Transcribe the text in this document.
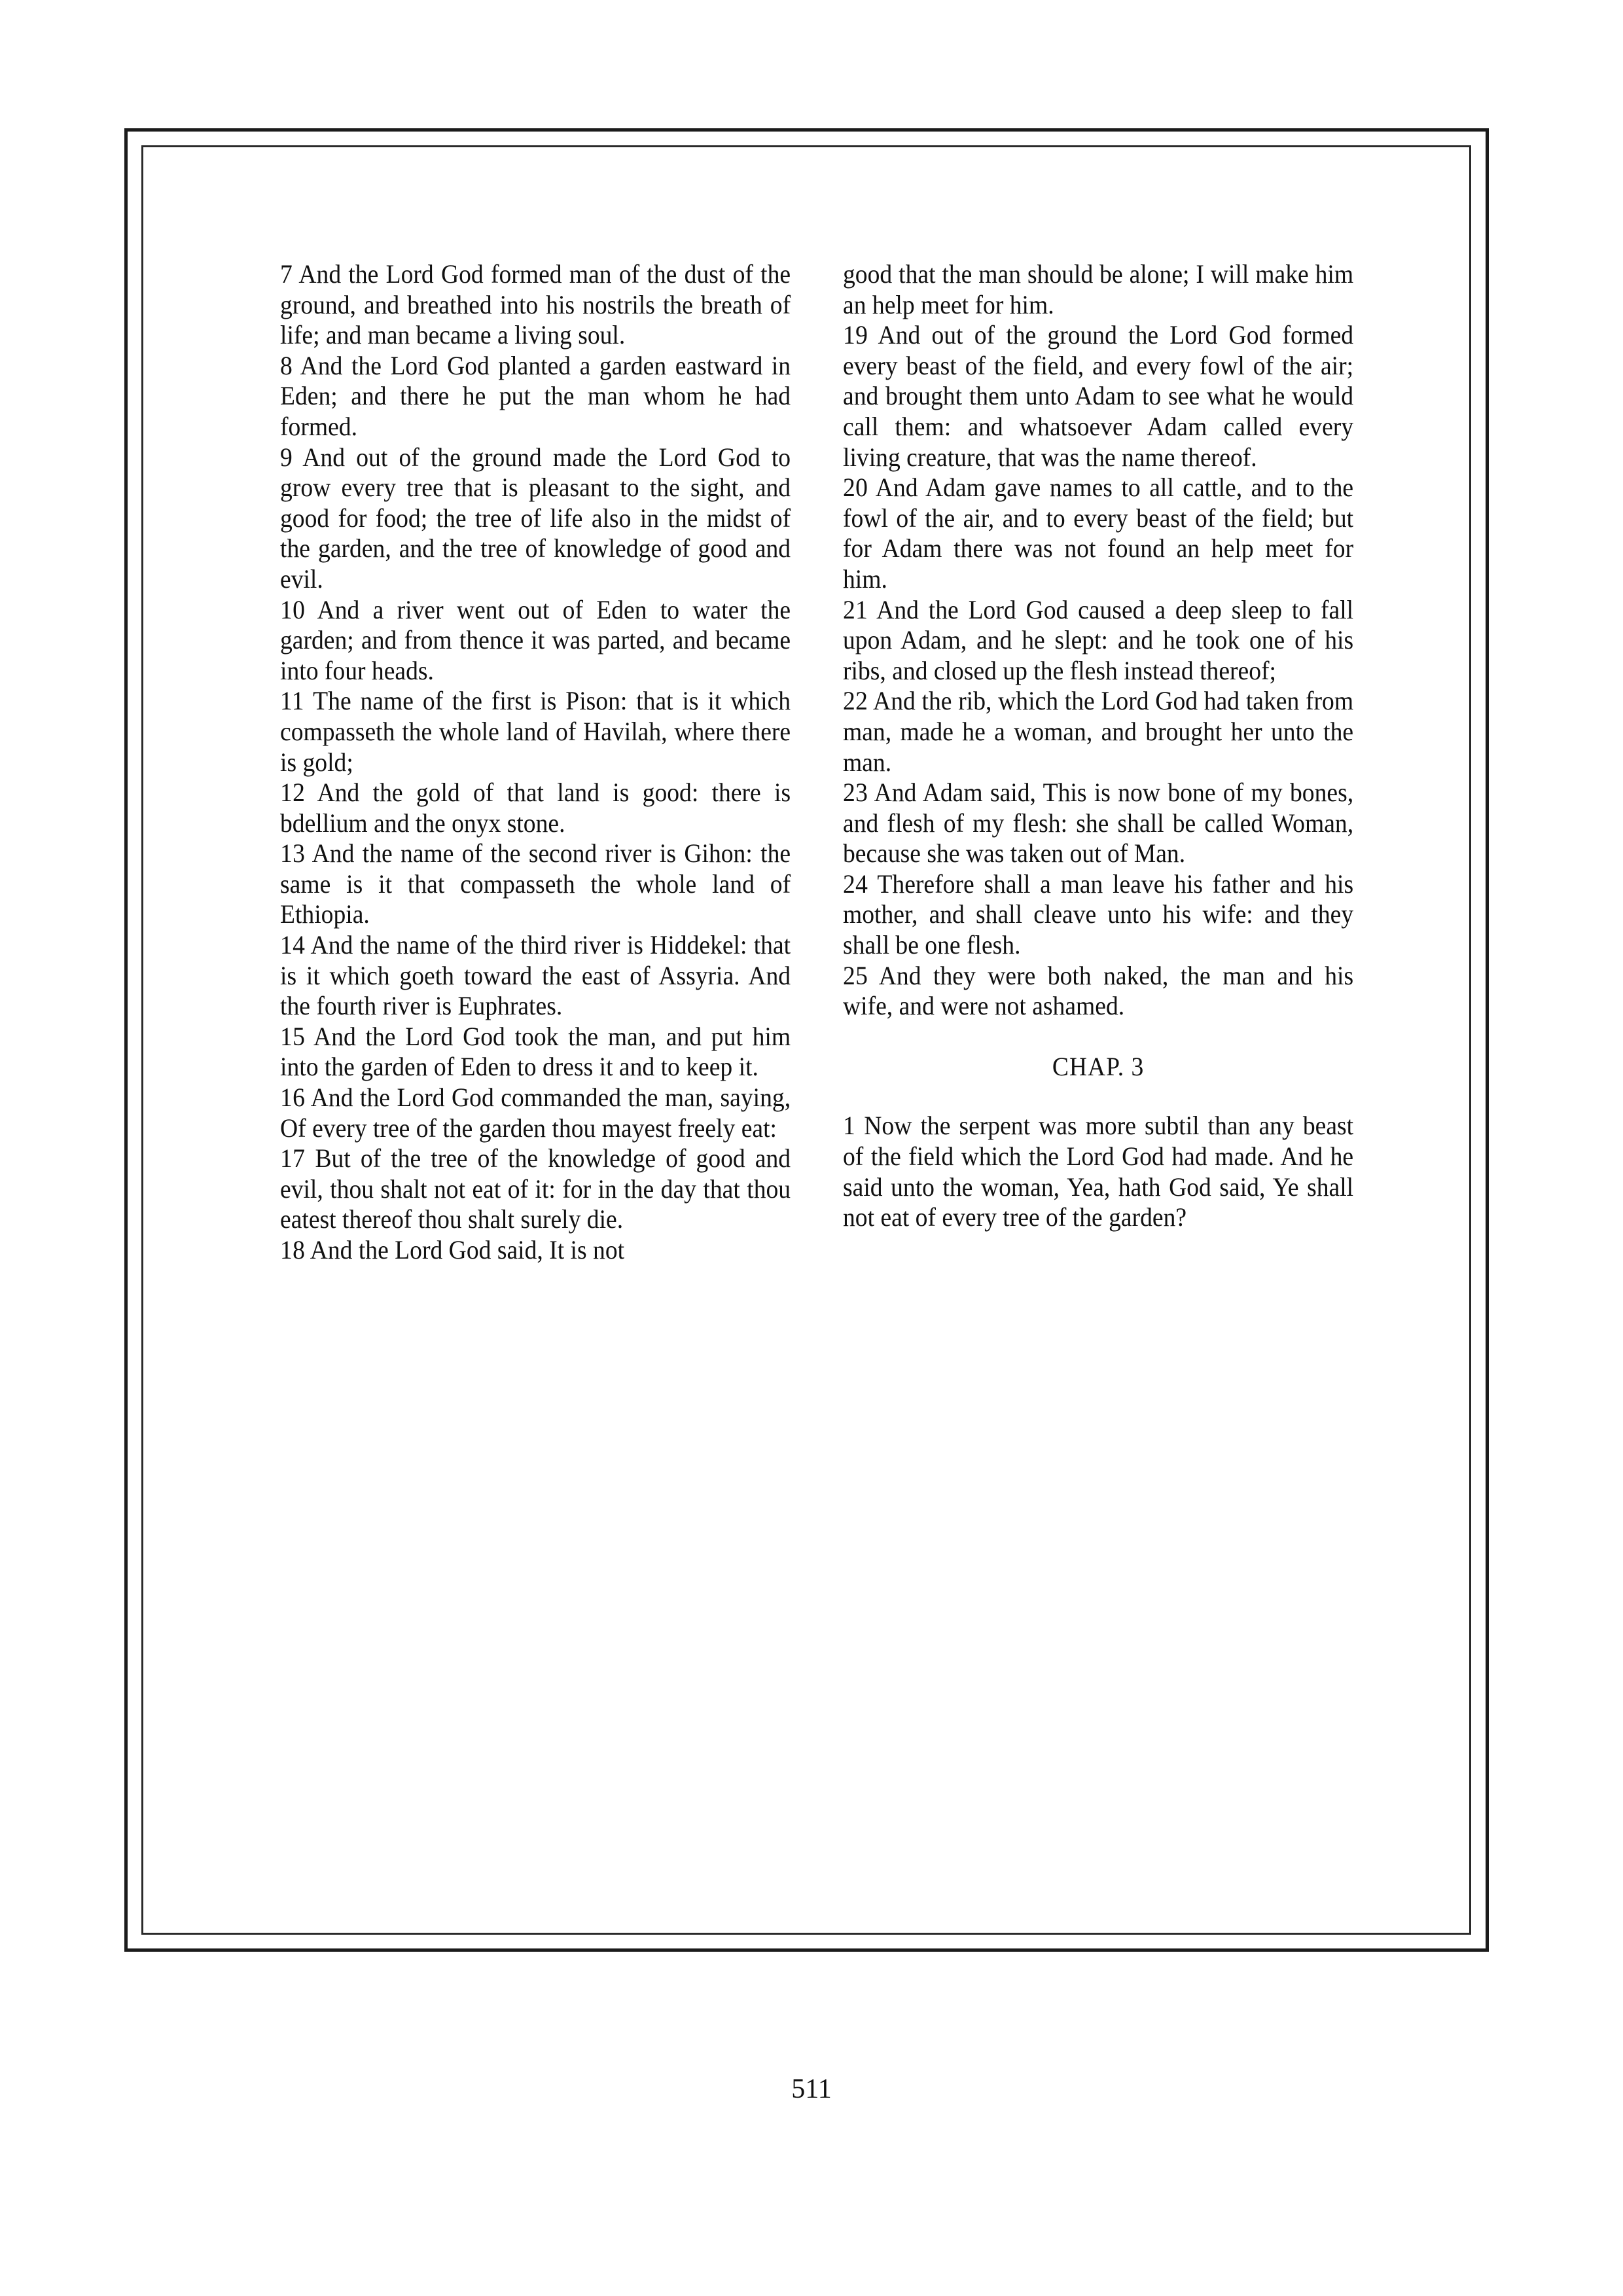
7 And the Lord God formed man of the dust of the ground, and breathed into his nostrils the breath of life; and man became a living soul.

8 And the Lord God planted a garden eastward in Eden; and there he put the man whom he had formed.

9 And out of the ground made the Lord God to grow every tree that is pleasant to the sight, and good for food; the tree of life also in the midst of the garden, and the tree of knowledge of good and evil.

10 And a river went out of Eden to water the garden; and from thence it was parted, and became into four heads.

11 The name of the first is Pison: that is it which compasseth the whole land of Havilah, where there is gold;

12 And the gold of that land is good: there is bdellium and the onyx stone.

13 And the name of the second river is Gihon: the same is it that compasseth the whole land of Ethiopia.

14 And the name of the third river is Hiddekel: that is it which goeth toward the east of Assyria. And the fourth river is Euphrates.

15 And the Lord God took the man, and put him into the garden of Eden to dress it and to keep it.

16 And the Lord God commanded the man, saying, Of every tree of the garden thou mayest freely eat:

17 But of the tree of the knowledge of good and evil, thou shalt not eat of it: for in the day that thou eatest thereof thou shalt surely die.

18 And the Lord God said, It is not

good that the man should be alone; I will make him an help meet for him.

19 And out of the ground the Lord God formed every beast of the field, and every fowl of the air; and brought them unto Adam to see what he would call them: and whatsoever Adam called every living creature, that was the name thereof.

20 And Adam gave names to all cattle, and to the fowl of the air, and to every beast of the field; but for Adam there was not found an help meet for him.

21 And the Lord God caused a deep sleep to fall upon Adam, and he slept: and he took one of his ribs, and closed up the flesh instead thereof;

22 And the rib, which the Lord God had taken from man, made he a woman, and brought her unto the man.

23 And Adam said, This is now bone of my bones, and flesh of my flesh: she shall be called Woman, because she was taken out of Man.

24 Therefore shall a man leave his father and his mother, and shall cleave unto his wife: and they shall be one flesh.

25 And they were both naked, the man and his wife, and were not ashamed.

CHAP. 3

1 Now the serpent was more subtil than any beast of the field which the Lord God had made. And he said unto the woman, Yea, hath God said, Ye shall not eat of every tree of the garden?

511
